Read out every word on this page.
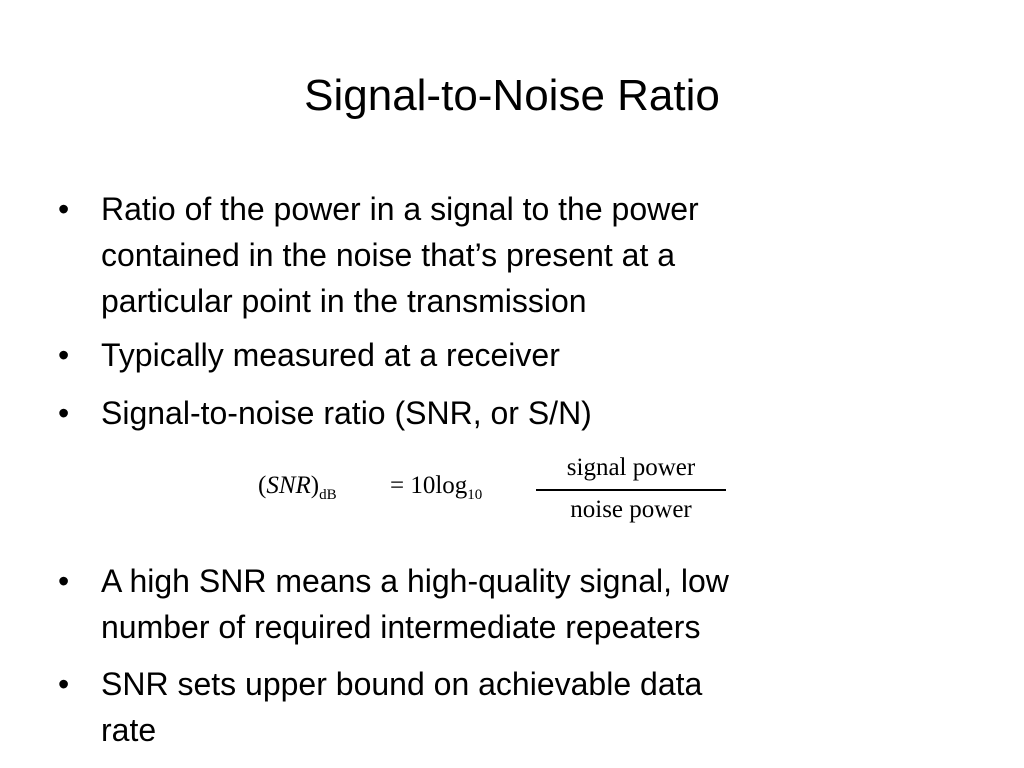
Signal-to-Noise Ratio
• Ratio of the power in a signal to the power
contained in the noise that’s present at a
particular point in the transmission
• Typically measured at a receiver
• Signal-to-noise ratio (SNR, or S/N)
$(SNR)_{dB} = 10\log_{10}$
signal power
noise power
• A high SNR means a high-quality signal, low
number of required intermediate repeaters
• SNR sets upper bound on achievable data
rate
